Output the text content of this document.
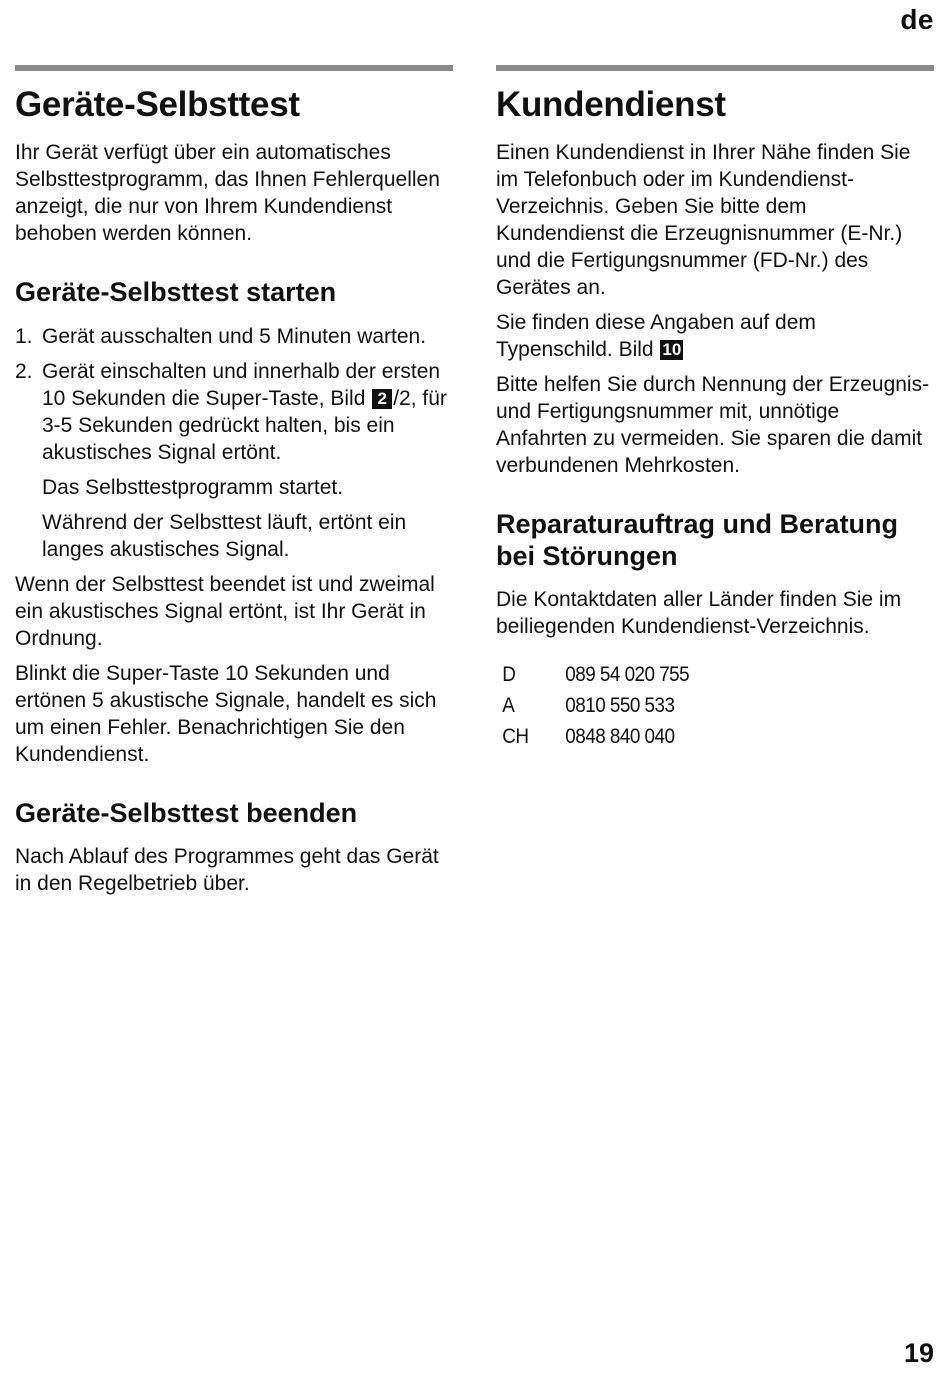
de
Geräte-Selbsttest

Ihr Gerät verfügt über ein automatisches Selbsttestprogramm, das Ihnen Fehlerquellen anzeigt, die nur von Ihrem Kundendienst behoben werden können.

Geräte-Selbsttest starten
1. Gerät ausschalten und 5 Minuten warten.
2. Gerät einschalten und innerhalb der ersten 10 Sekunden die Super-Taste, Bild 2 /2, für 3-5 Sekunden gedrückt halten, bis ein akustisches Signal ertönt.

Das Selbsttestprogramm startet.

Während der Selbsttest läuft, ertönt ein langes akustisches Signal.

Wenn der Selbsttest beendet ist und zweimal ein akustisches Signal ertönt, ist Ihr Gerät in Ordnung.

Blinkt die Super-Taste 10 Sekunden und ertönen 5 akustische Signale, handelt es sich um einen Fehler. Benachrichtigen Sie den Kundendienst.

Geräte-Selbsttest beenden

Nach Ablauf des Programmes geht das Gerät in den Regelbetrieb über.

Kundendienst

Einen Kundendienst in Ihrer Nähe finden Sie im Telefonbuch oder im Kundendienst-Verzeichnis. Geben Sie bitte dem Kundendienst die Erzeugnisnummer (E-Nr.) und die Fertigungsnummer (FD-Nr.) des Gerätes an.

Sie finden diese Angaben auf dem Typenschild. Bild 10

Bitte helfen Sie durch Nennung der Erzeugnis- und Fertigungsnummer mit, unnötige Anfahrten zu vermeiden. Sie sparen die damit verbundenen Mehrkosten.

Reparaturauftrag und Beratung bei Störungen

Die Kontaktdaten aller Länder finden Sie im beiliegenden Kundendienst-Verzeichnis.

D	089 54 020 755
A	0810 550 533
CH	0848 840 040
19
